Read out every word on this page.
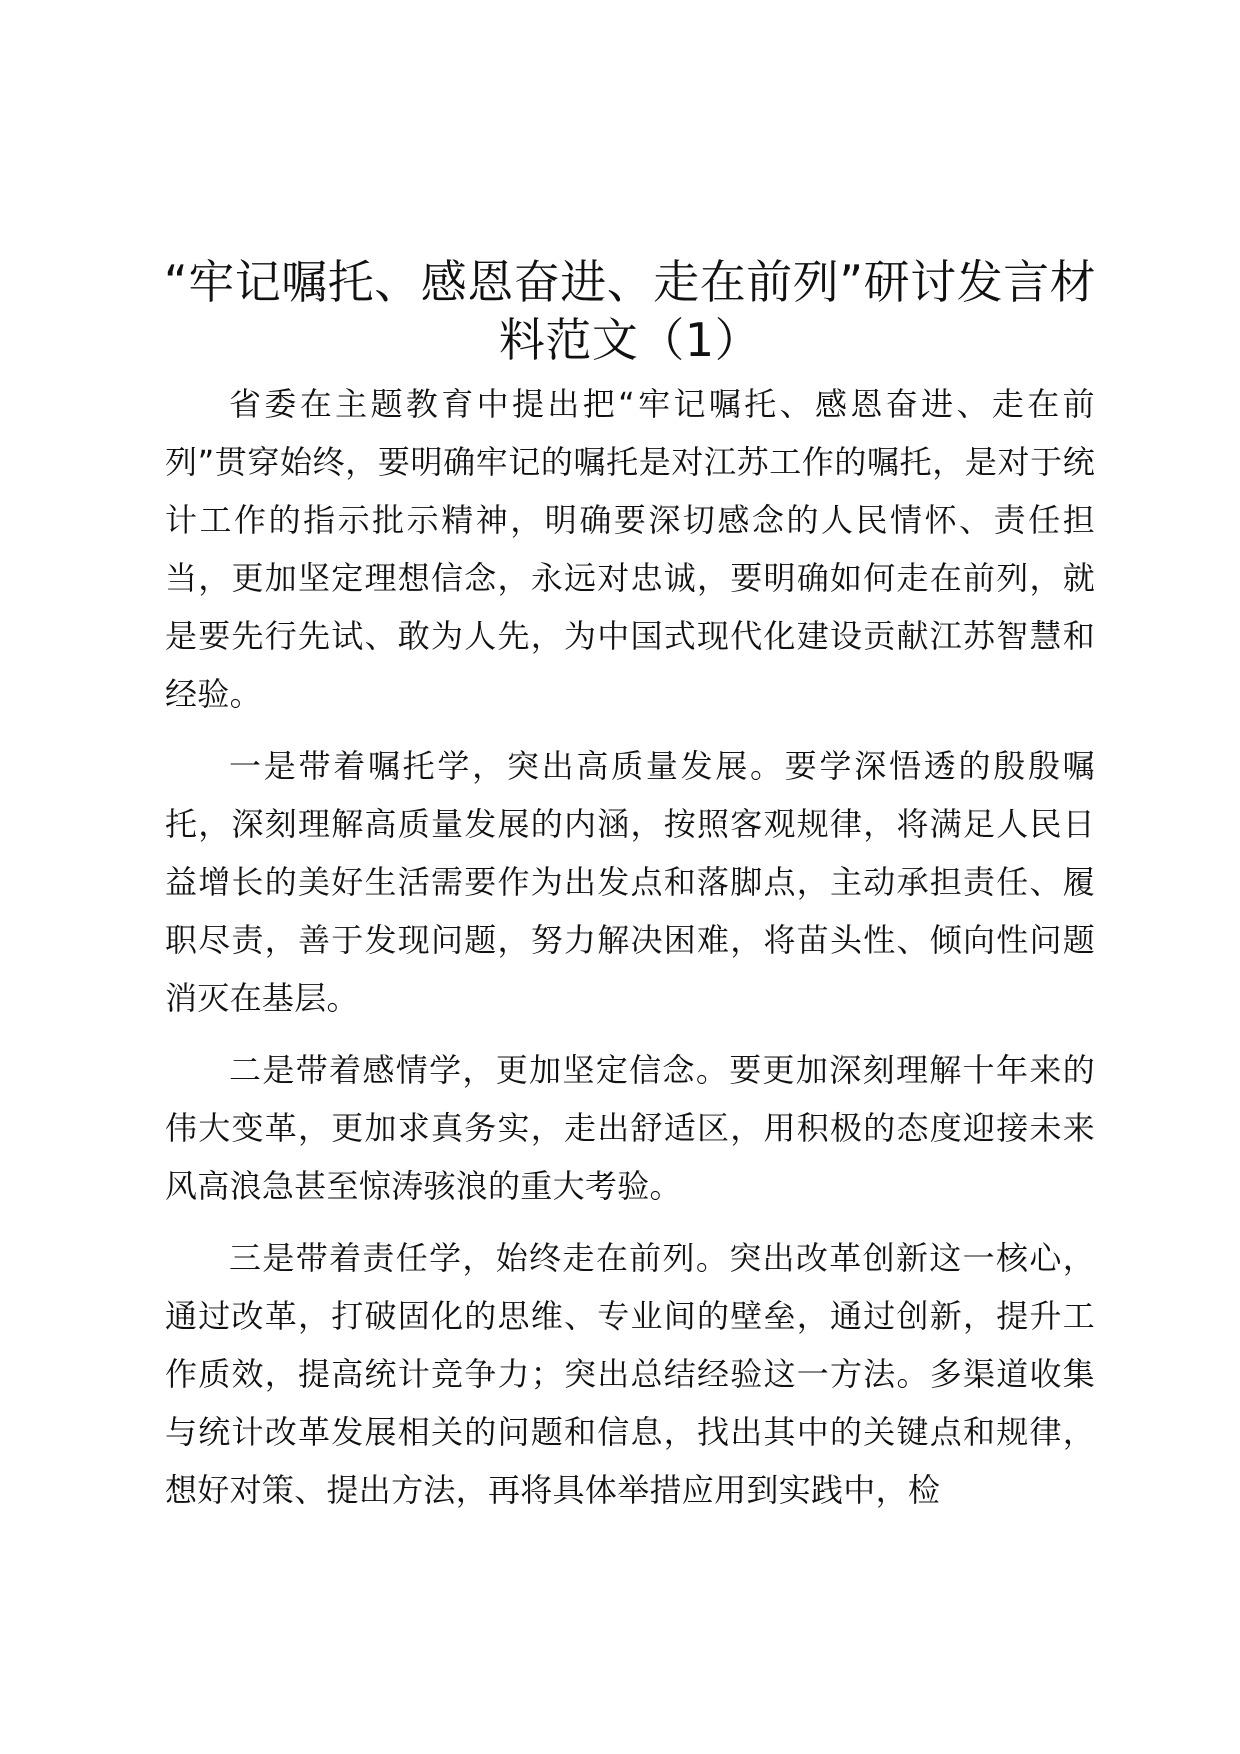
“牢记嘱托、感恩奋进、走在前列”研讨发言材料范文（1）

省委在主题教育中提出把“牢记嘱托、感恩奋进、走在前列”贯穿始终，要明确牢记的嘱托是对江苏工作的嘱托，是对于统计工作的指示批示精神，明确要深切感念的人民情怀、责任担当，更加坚定理想信念，永远对忠诚，要明确如何走在前列，就是要先行先试、敢为人先，为中国式现代化建设贡献江苏智慧和经验。

一是带着嘱托学，突出高质量发展。要学深悟透的殷殷嘱托，深刻理解高质量发展的内涵，按照客观规律，将满足人民日益增长的美好生活需要作为出发点和落脚点，主动承担责任、履职尽责，善于发现问题，努力解决困难，将苗头性、倾向性问题消灭在基层。

二是带着感情学，更加坚定信念。要更加深刻理解十年来的伟大变革，更加求真务实，走出舒适区，用积极的态度迎接未来风高浪急甚至惊涛骇浪的重大考验。

三是带着责任学，始终走在前列。突出改革创新这一核心，通过改革，打破固化的思维、专业间的壁垒，通过创新，提升工作质效，提高统计竞争力；突出总结经验这一方法。多渠道收集与统计改革发展相关的问题和信息，找出其中的关键点和规律，想好对策、提出方法，再将具体举措应用到实践中，检
